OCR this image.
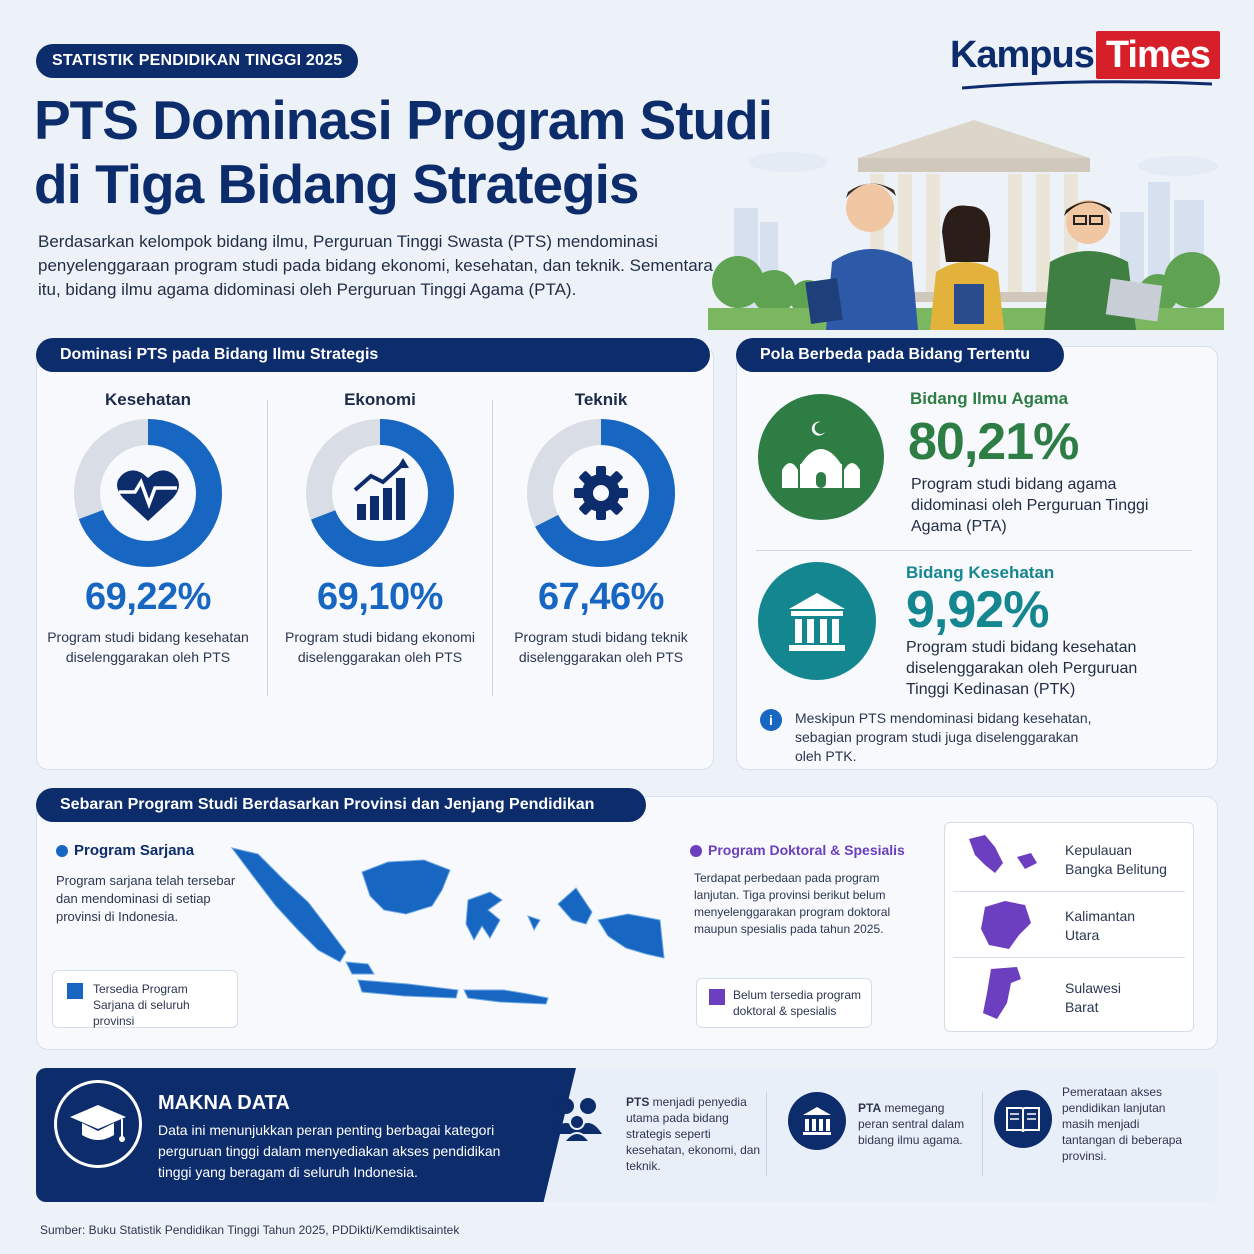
STATISTIK PENDIDIKAN TINGGI 2025	Kampus Times
PTS Dominasi Program Studi
di Tiga Bidang Strategis
Berdasarkan kelompok bidang ilmu, Perguruan Tinggi Swasta (PTS) mendominasi penyelenggaraan program studi pada bidang ekonomi, kesehatan, dan teknik. Sementara itu, bidang ilmu agama didominasi oleh Perguruan Tinggi Agama (PTA).
Dominasi PTS pada Bidang Ilmu Strategis
Kesehatan
69,22%
Program studi bidang kesehatan
diselenggarakan oleh PTS
Ekonomi
69,10%
Program studi bidang ekonomi
diselenggarakan oleh PTS
Teknik
67,46%
Program studi bidang teknik
diselenggarakan oleh PTS
Pola Berbeda pada Bidang Tertentu
Bidang Ilmu Agama
80,21%
Program studi bidang agama didominasi oleh Perguruan Tinggi Agama (PTA)
Bidang Kesehatan
9,92%
Program studi bidang kesehatan diselenggarakan oleh Perguruan Tinggi Kedinasan (PTK)
i	Meskipun PTS mendominasi bidang kesehatan, sebagian program studi juga diselenggarakan oleh PTK.
Sebaran Program Studi Berdasarkan Provinsi dan Jenjang Pendidikan
Program Sarjana
Program sarjana telah tersebar dan mendominasi di setiap provinsi di Indonesia.
Tersedia Program Sarjana di seluruh provinsi
Program Doktoral & Spesialis
Terdapat perbedaan pada program lanjutan. Tiga provinsi berikut belum menyelenggarakan program doktoral maupun spesialis pada tahun 2025.
Belum tersedia program doktoral & spesialis
Kepulauan
Bangka Belitung
Kalimantan
Utara
Sulawesi
Barat
MAKNA DATA
Data ini menunjukkan peran penting berbagai kategori perguruan tinggi dalam menyediakan akses pendidikan tinggi yang beragam di seluruh Indonesia.
PTS menjadi penyedia utama pada bidang strategis seperti kesehatan, ekonomi, dan teknik.
PTA memegang peran sentral dalam bidang ilmu agama.
Pemerataan akses pendidikan lanjutan masih menjadi tantangan di beberapa provinsi.
Sumber: Buku Statistik Pendidikan Tinggi Tahun 2025, PDDikti/Kemdiktisaintek
